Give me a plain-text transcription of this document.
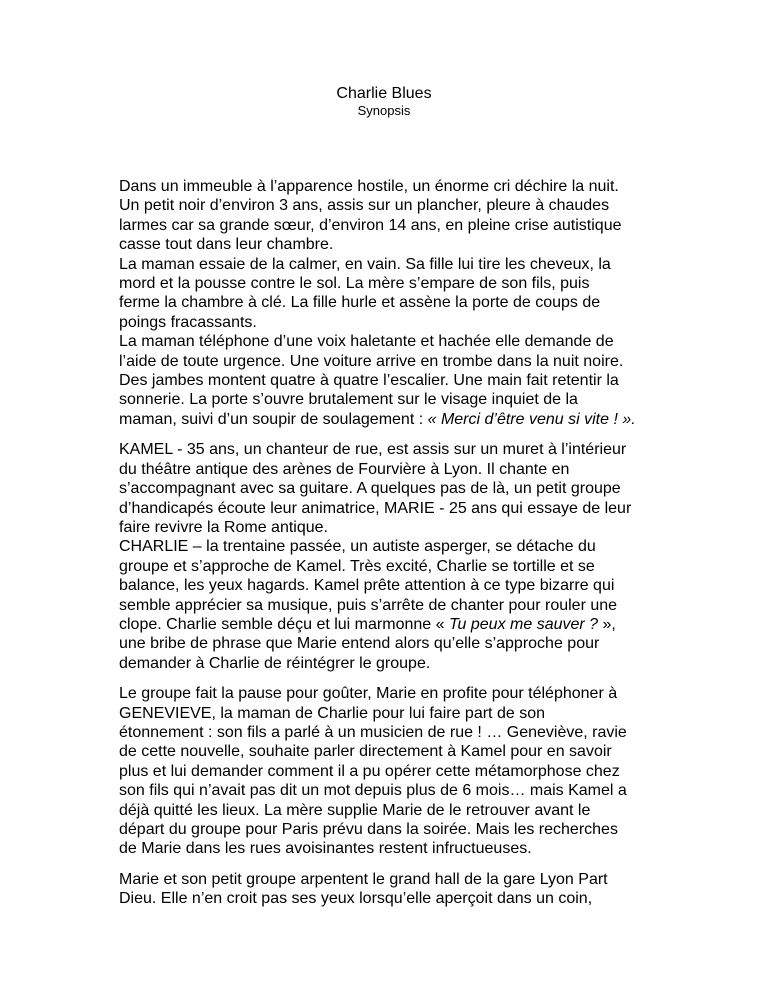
Charlie Blues
Synopsis

Dans un immeuble à l’apparence hostile, un énorme cri déchire la nuit.
Un petit noir d’environ 3 ans, assis sur un plancher, pleure à chaudes
larmes car sa grande sœur, d’environ 14 ans, en pleine crise autistique
casse tout dans leur chambre.
La maman essaie de la calmer, en vain. Sa fille lui tire les cheveux, la
mord et la pousse contre le sol. La mère s’empare de son fils, puis
ferme la chambre à clé. La fille hurle et assène la porte de coups de
poings fracassants.
La maman téléphone d’une voix haletante et hachée elle demande de
l’aide de toute urgence. Une voiture arrive en trombe dans la nuit noire.
Des jambes montent quatre à quatre l’escalier. Une main fait retentir la
sonnerie. La porte s’ouvre brutalement sur le visage inquiet de la
maman, suivi d’un soupir de soulagement : « Merci d’être venu si vite ! ».

KAMEL - 35 ans, un chanteur de rue, est assis sur un muret à l’intérieur
du théâtre antique des arènes de Fourvière à Lyon. Il chante en
s’accompagnant avec sa guitare. A quelques pas de là, un petit groupe
d’handicapés écoute leur animatrice, MARIE - 25 ans qui essaye de leur
faire revivre la Rome antique.
CHARLIE – la trentaine passée, un autiste asperger, se détache du
groupe et s’approche de Kamel. Très excité, Charlie se tortille et se
balance, les yeux hagards. Kamel prête attention à ce type bizarre qui
semble apprécier sa musique, puis s’arrête de chanter pour rouler une
clope. Charlie semble déçu et lui marmonne « Tu peux me sauver ? »,
une bribe de phrase que Marie entend alors qu’elle s’approche pour
demander à Charlie de réintégrer le groupe.

Le groupe fait la pause pour goûter, Marie en profite pour téléphoner à
GENEVIEVE, la maman de Charlie pour lui faire part de son
étonnement : son fils a parlé à un musicien de rue ! … Geneviève, ravie
de cette nouvelle, souhaite parler directement à Kamel pour en savoir
plus et lui demander comment il a pu opérer cette métamorphose chez
son fils qui n’avait pas dit un mot depuis plus de 6 mois… mais Kamel a
déjà quitté les lieux. La mère supplie Marie de le retrouver avant le
départ du groupe pour Paris prévu dans la soirée. Mais les recherches
de Marie dans les rues avoisinantes restent infructueuses.

Marie et son petit groupe arpentent le grand hall de la gare Lyon Part
Dieu. Elle n’en croit pas ses yeux lorsqu’elle aperçoit dans un coin,
